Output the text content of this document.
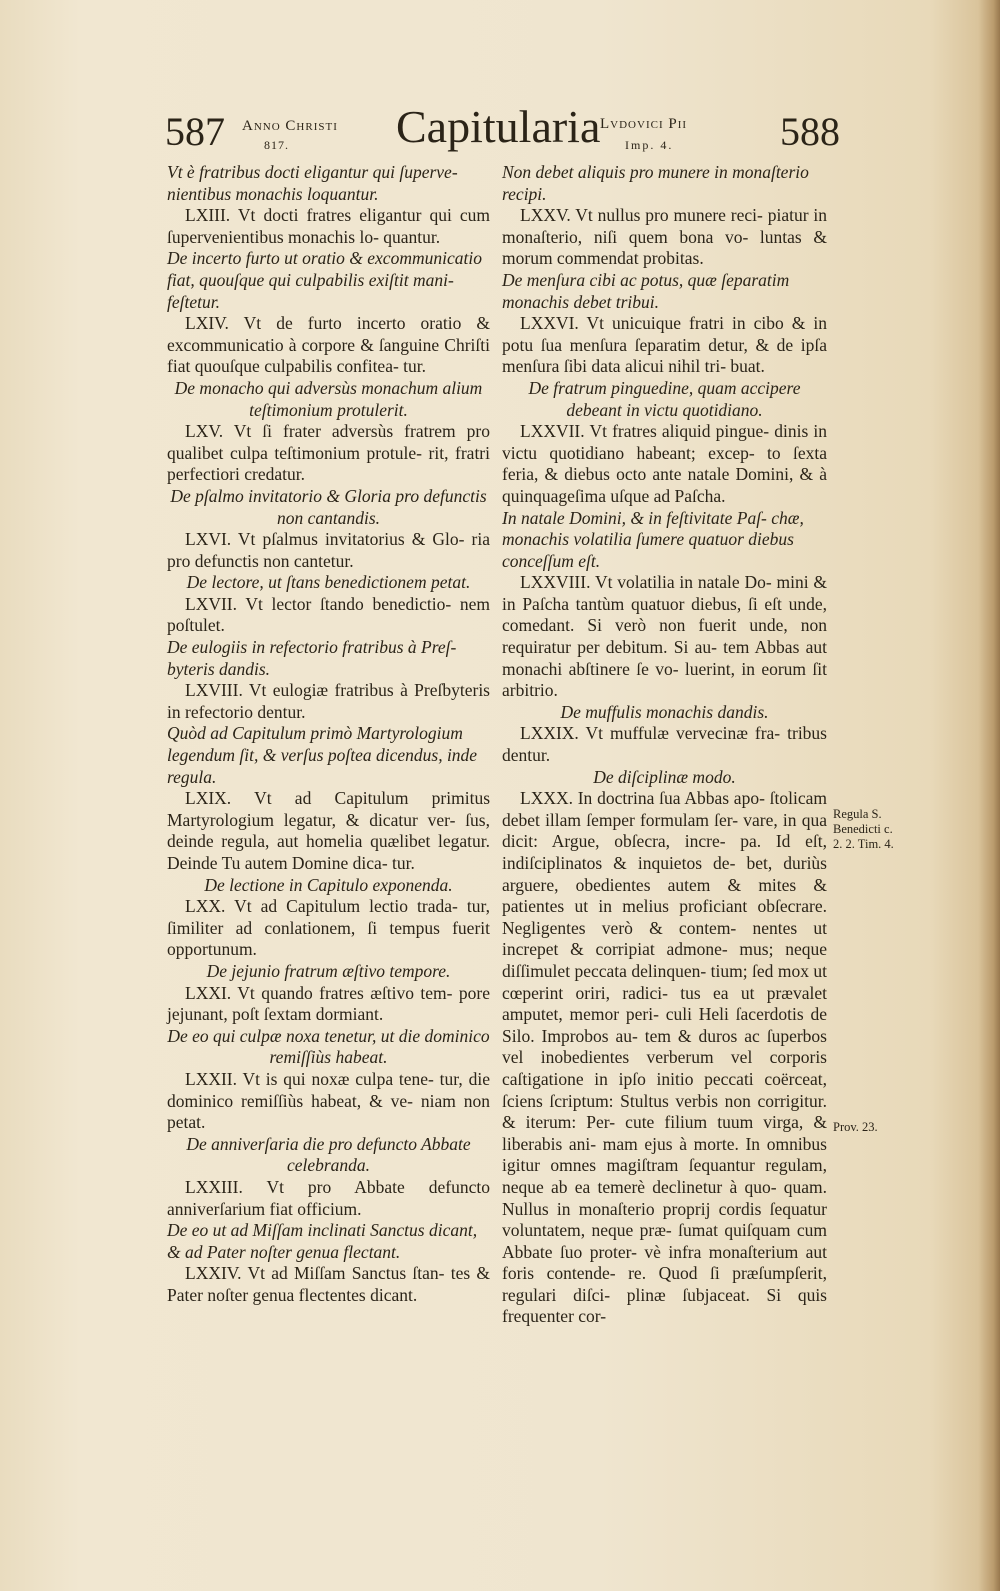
587 Anno Christi
817. Capitularia Lvdovici Pii
Imp. 4.	588

Vt è fratribus docti eligantur qui ſuperve- nientibus monachis loquantur.

LXIII. Vt docti fratres eligantur qui cum ſupervenientibus monachis lo- quantur.

De incerto furto ut oratio & excommunicatio fiat, quouſque qui culpabilis exiſtit mani- feſtetur.

LXIV. Vt de furto incerto oratio & excommunicatio à corpore & ſanguine Chriſti fiat quouſque culpabilis confitea- tur.

De monacho qui adversùs monachum alium teſtimonium protulerit.

LXV. Vt ſi frater adversùs fratrem pro qualibet culpa teſtimonium protule- rit, fratri perfectiori credatur.

De pſalmo invitatorio & Gloria pro defunctis non cantandis.

LXVI. Vt pſalmus invitatorius & Glo- ria pro defunctis non cantetur.

De lectore, ut ſtans benedictionem petat.

LXVII. Vt lector ſtando benedictio- nem poſtulet.

De eulogiis in refectorio fratribus à Preſ- byteris dandis.

LXVIII. Vt eulogiæ fratribus à Preſbyteris in refectorio dentur.

Quòd ad Capitulum primò Martyrologium legendum ſit, & verſus poſtea dicendus, inde regula.

LXIX. Vt ad Capitulum primitus Martyrologium legatur, & dicatur ver- ſus, deinde regula, aut homelia quælibet legatur. Deinde Tu autem Domine dica- tur.

De lectione in Capitulo exponenda.

LXX. Vt ad Capitulum lectio trada- tur, ſimiliter ad conlationem, ſi tempus fuerit opportunum.

De jejunio fratrum æſtivo tempore.

LXXI. Vt quando fratres æſtivo tem- pore jejunant, poſt ſextam dormiant.

De eo qui culpæ noxa tenetur, ut die dominico remiſſiùs habeat.

LXXII. Vt is qui noxæ culpa tene- tur, die dominico remiſſiùs habeat, & ve- niam non petat.

De anniverſaria die pro defuncto Abbate celebranda.

LXXIII. Vt pro Abbate defuncto anniverſarium fiat officium.

De eo ut ad Miſſam inclinati Sanctus dicant, & ad Pater noſter genua flectant.

LXXIV. Vt ad Miſſam Sanctus ſtan- tes & Pater noſter genua flectentes dicant.

Non debet aliquis pro munere in monaſterio recipi.

LXXV. Vt nullus pro munere reci- piatur in monaſterio, niſi quem bona vo- luntas & morum commendat probitas.

De menſura cibi ac potus, quæ ſeparatim monachis debet tribui.

LXXVI. Vt unicuique fratri in cibo & in potu ſua menſura ſeparatim detur, & de ipſa menſura ſibi data alicui nihil tri- buat.

De fratrum pinguedine, quam accipere debeant in victu quotidiano.

LXXVII. Vt fratres aliquid pingue- dinis in victu quotidiano habeant; excep- to ſexta feria, & diebus octo ante natale Domini, & à quinquageſima uſque ad Paſcha.

In natale Domini, & in feſtivitate Paſ- chæ, monachis volatilia ſumere quatuor diebus conceſſum eſt.

LXXVIII. Vt volatilia in natale Do- mini & in Paſcha tantùm quatuor diebus, ſi eſt unde, comedant. Si verò non fuerit unde, non requiratur per debitum. Si au- tem Abbas aut monachi abſtinere ſe vo- luerint, in eorum ſit arbitrio.

De muffulis monachis dandis.

LXXIX. Vt muffulæ vervecinæ fra- tribus dentur.

De diſciplinæ modo.

LXXX. In doctrina ſua Abbas apo- ſtolicam debet illam ſemper formulam ſer- vare, in qua dicit: Argue, obſecra, incre- pa. Id eſt, indiſciplinatos & inquietos de- bet, duriùs arguere, obedientes autem & mites & patientes ut in melius proficiant obſecrare. Negligentes verò & contem- nentes ut increpet & corripiat admone- mus; neque diſſimulet peccata delinquen- tium; ſed mox ut cœperint oriri, radici- tus ea ut prævalet amputet, memor peri- culi Heli ſacerdotis de Silo. Improbos au- tem & duros ac ſuperbos vel inobedientes verberum vel corporis caſtigatione in ipſo initio peccati coërceat, ſciens ſcriptum: Stultus verbis non corrigitur. & iterum: Per- cute filium tuum virga, & liberabis ani- mam ejus à morte. In omnibus igitur omnes magiſtram ſequantur regulam, neque ab ea temerè declinetur à quo- quam. Nullus in monaſterio proprij cordis ſequatur voluntatem, neque præ- ſumat quiſquam cum Abbate ſuo proter- vè infra monaſterium aut foris contende- re. Quod ſi præſumpſerit, regulari diſci- plinæ ſubjaceat. Si quis frequenter cor-

Regula S. Benedicti c. 2. 2. Tim. 4.
Prov. 23.
